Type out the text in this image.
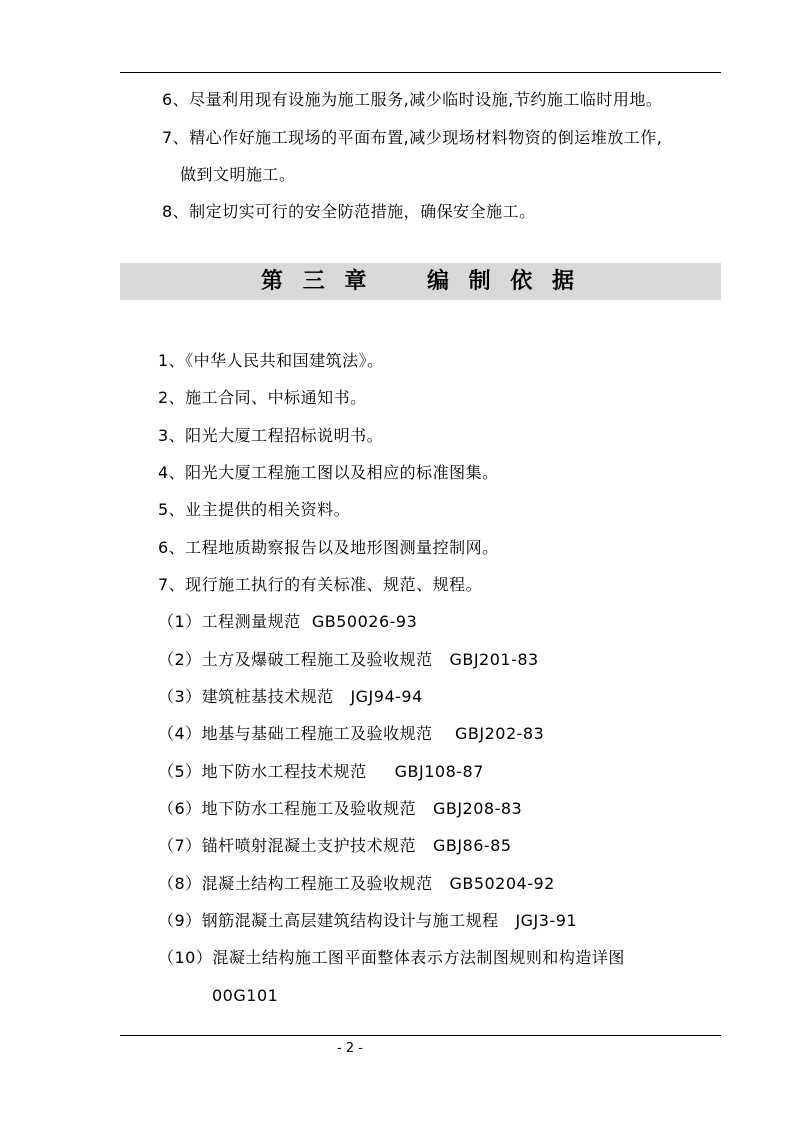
6、尽量利用现有设施为施工服务,减少临时设施,节约施工临时用地。
7、精心作好施工现场的平面布置,减少现场材料物资的倒运堆放工作,
做到文明施工。
8、制定切实可行的安全防范措施，确保安全施工。
第 三 章    编 制 依 据
1、《中华人民共和国建筑法》。
2、施工合同、中标通知书。
3、阳光大厦工程招标说明书。
4、阳光大厦工程施工图以及相应的标准图集。
5、业主提供的相关资料。
6、工程地质勘察报告以及地形图测量控制网。
7、现行施工执行的有关标准、规范、规程。
（1）工程测量规范  GB50026-93
（2）土方及爆破工程施工及验收规范   GBJ201-83
（3）建筑桩基技术规范   JGJ94-94
（4）地基与基础工程施工及验收规范    GBJ202-83
（5）地下防水工程技术规范     GBJ108-87
（6）地下防水工程施工及验收规范   GBJ208-83
（7）锚杆喷射混凝土支护技术规范   GBJ86-85
（8）混凝土结构工程施工及验收规范   GB50204-92
（9）钢筋混凝土高层建筑结构设计与施工规程   JGJ3-91
（10）混凝土结构施工图平面整体表示方法制图规则和构造详图
00G101
- 2 -
